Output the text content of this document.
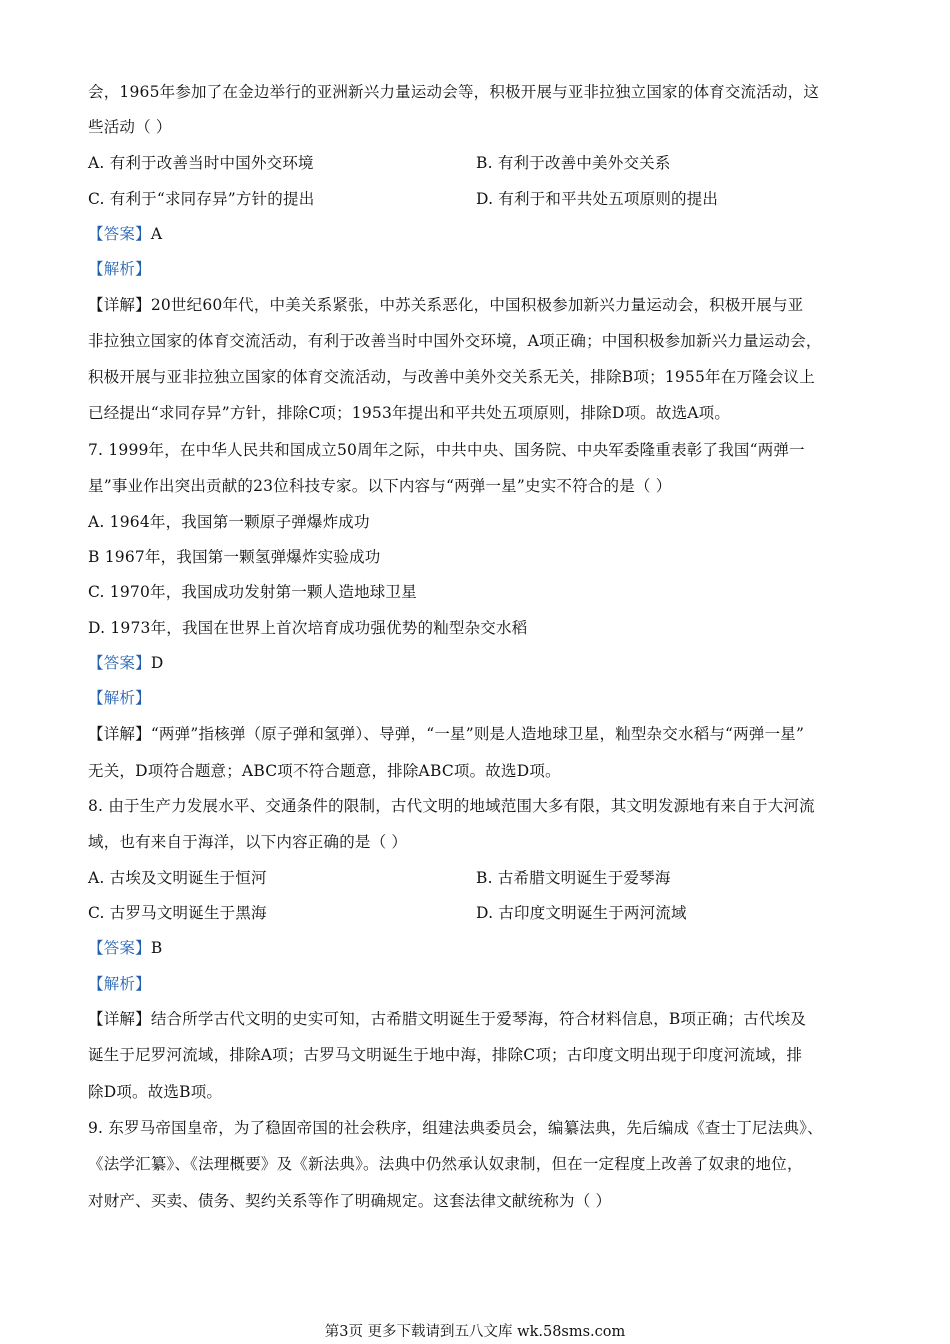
会，1965年参加了在金边举行的亚洲新兴力量运动会等，积极开展与亚非拉独立国家的体育交流活动，这
些活动（ ）
A. 有利于改善当时中国外交环境	B. 有利于改善中美外交关系
C. 有利于“求同存异”方针的提出	D. 有利于和平共处五项原则的提出
【答案】A
【解析】
【详解】20世纪60年代，中美关系紧张，中苏关系恶化，中国积极参加新兴力量运动会，积极开展与亚
非拉独立国家的体育交流活动，有利于改善当时中国外交环境，A项正确；中国积极参加新兴力量运动会，
积极开展与亚非拉独立国家的体育交流活动，与改善中美外交关系无关，排除B项；1955年在万隆会议上
已经提出“求同存异”方针，排除C项；1953年提出和平共处五项原则，排除D项。故选A项。
7. 1999年，在中华人民共和国成立50周年之际，中共中央、国务院、中央军委隆重表彰了我国“两弹一
星”事业作出突出贡献的23位科技专家。以下内容与“两弹一星”史实不符合的是（ ）
A. 1964年，我国第一颗原子弹爆炸成功
B 1967年，我国第一颗氢弹爆炸实验成功
C. 1970年，我国成功发射第一颗人造地球卫星
D. 1973年，我国在世界上首次培育成功强优势的籼型杂交水稻
【答案】D
【解析】
【详解】“两弹”指核弹（原子弹和氢弹）、导弹，“一星”则是人造地球卫星，籼型杂交水稻与“两弹一星”
无关，D项符合题意；ABC项不符合题意，排除ABC项。故选D项。
8. 由于生产力发展水平、交通条件的限制，古代文明的地域范围大多有限，其文明发源地有来自于大河流
域，也有来自于海洋，以下内容正确的是（ ）
A. 古埃及文明诞生于恒河	B. 古希腊文明诞生于爱琴海
C. 古罗马文明诞生于黑海	D. 古印度文明诞生于两河流域
【答案】B
【解析】
【详解】结合所学古代文明的史实可知，古希腊文明诞生于爱琴海，符合材料信息，B项正确；古代埃及
诞生于尼罗河流域，排除A项；古罗马文明诞生于地中海，排除C项；古印度文明出现于印度河流域，排
除D项。故选B项。
9. 东罗马帝国皇帝，为了稳固帝国的社会秩序，组建法典委员会，编纂法典，先后编成《查士丁尼法典》、
《法学汇纂》、《法理概要》及《新法典》。法典中仍然承认奴隶制，但在一定程度上改善了奴隶的地位，
对财产、买卖、债务、契约关系等作了明确规定。这套法律文献统称为（ ）
第3页 更多下载请到五八文库 wk.58sms.com
